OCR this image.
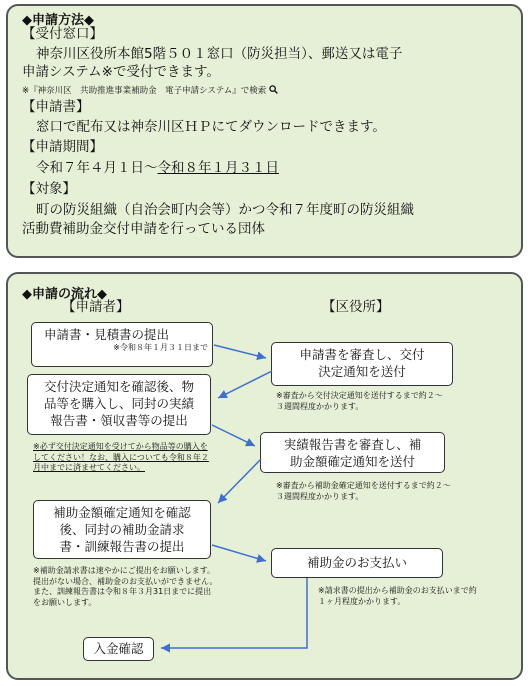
◆申請方法◆
【受付窓口】
神奈川区役所本館5階５０１窓口（防災担当）、郵送又は電子
申請システム※で受付できます。
※『神奈川区　共助推進事業補助金　電子申請システム』で検索
【申請書】
窓口で配布又は神奈川区ＨＰにてダウンロードできます。
【申請期間】
令和７年４月１日〜令和８年１月３１日
【対象】
町の防災組織（自治会町内会等）かつ令和７年度町の防災組織
活動費補助金交付申請を行っている団体
◆申請の流れ◆
【申請者】	【区役所】
申請書・見積書の提出
※令和８年１月３１日まで	申請書を審査し、交付
決定通知を送付
※審査から交付決定通知を送付するまで約２〜３週間程度かかります。
交付決定通知を確認後、物
品等を購入し、同封の実績
報告書・領収書等の提出
※必ず交付決定通知を受けてから物品等の購入をしてください！なお、購入についても令和８年２月中までに済ませてください。
実績報告書を審査し、補
助金額確定通知を送付
※審査から補助金確定通知を送付するまで約２〜３週間程度かかります。
補助金額確定通知を確認
後、同封の補助金請求
書・訓練報告書の提出
※補助金請求書は速やかにご提出をお願いします。提出がない場合、補助金のお支払いができません。また、訓練報告書は令和８年３月31日までに提出をお願いします。
補助金のお支払い
※請求書の提出から補助金のお支払いまで約１ヶ月程度かかります。
入金確認
